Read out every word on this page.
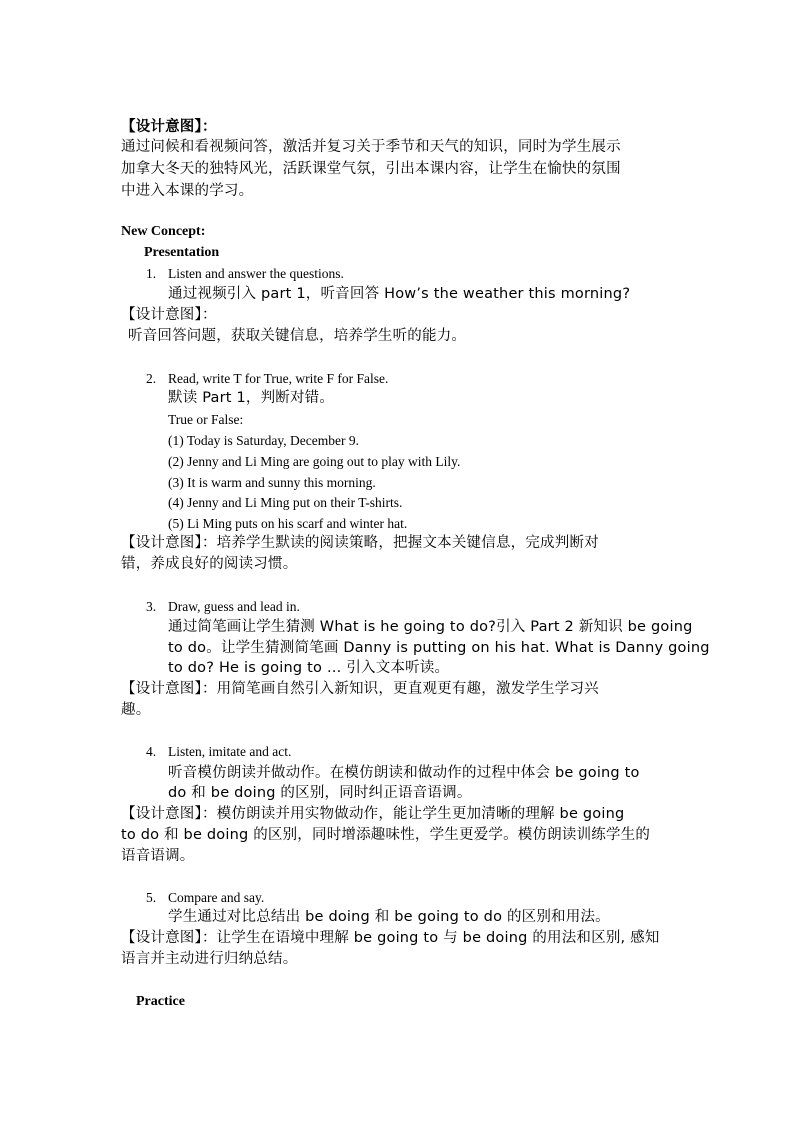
【设计意图】：
通过问候和看视频问答，激活并复习关于季节和天气的知识，同时为学生展示
加拿大冬天的独特风光，活跃课堂气氛，引出本课内容，让学生在愉快的氛围
中进入本课的学习。
New Concept:
Presentation
1. Listen and answer the questions.
通过视频引入 part 1，听音回答 How’s the weather this morning?
【设计意图】：
听音回答问题，获取关键信息，培养学生听的能力。
2. Read, write T for True, write F for False.
默读 Part 1，判断对错。
True or False:
(1) Today is Saturday, December 9.
(2) Jenny and Li Ming are going out to play with Lily.
(3) It is warm and sunny this morning.
(4) Jenny and Li Ming put on their T-shirts.
(5) Li Ming puts on his scarf and winter hat.
【设计意图】：培养学生默读的阅读策略，把握文本关键信息，完成判断对
错，养成良好的阅读习惯。
3. Draw, guess and lead in.
通过简笔画让学生猜测 What is he going to do?引入 Part 2 新知识 be going
to do。让学生猜测简笔画 Danny is putting on his hat. What is Danny going
to do? He is going to … 引入文本听读。
【设计意图】：用简笔画自然引入新知识，更直观更有趣，激发学生学习兴
趣。
4. Listen, imitate and act.
听音模仿朗读并做动作。在模仿朗读和做动作的过程中体会 be going to
do 和 be doing 的区别，同时纠正语音语调。
【设计意图】：模仿朗读并用实物做动作，能让学生更加清晰的理解 be going
to do 和 be doing 的区别，同时增添趣味性，学生更爱学。模仿朗读训练学生的
语音语调。
5. Compare and say.
学生通过对比总结出 be doing 和 be going to do 的区别和用法。
【设计意图】：让学生在语境中理解 be going to 与 be doing 的用法和区别, 感知
语言并主动进行归纳总结。
Practice
